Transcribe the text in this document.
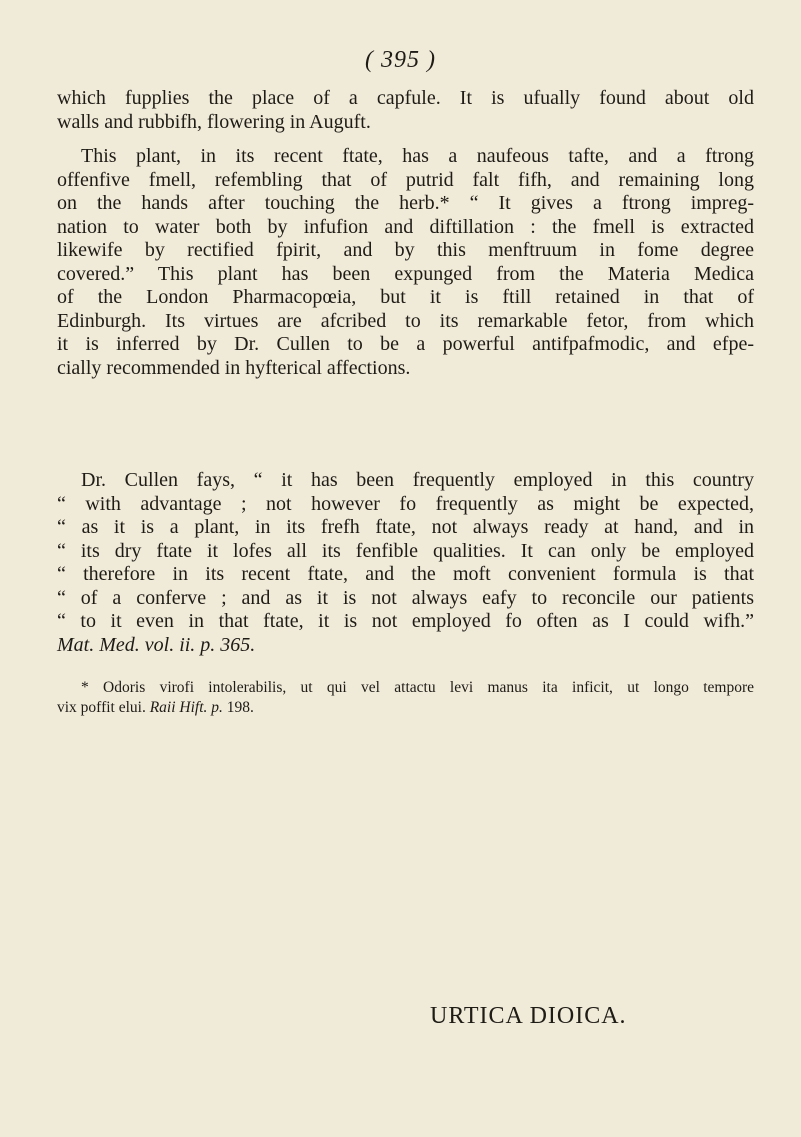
( 395 )
which fupplies the place of a capfule. It is ufually found about old
walls and rubbifh, flowering in Auguft.
This plant, in its recent ftate, has a naufeous tafte, and a ftrong
offenfive fmell, refembling that of putrid falt fifh, and remaining long
on the hands after touching the herb.* “ It gives a ftrong impreg-
nation to water both by infufion and diftillation : the fmell is extracted
likewife by rectified fpirit, and by this menftruum in fome degree
covered.” This plant has been expunged from the Materia Medica
of the London Pharmacopœia, but it is ftill retained in that of
Edinburgh. Its virtues are afcribed to its remarkable fetor, from which
it is inferred by Dr. Cullen to be a powerful antifpafmodic, and efpe-
cially recommended in hyfterical affections.
Dr. Cullen fays, “ it has been frequently employed in this country
“ with advantage ; not however fo frequently as might be expected,
“ as it is a plant, in its frefh ftate, not always ready at hand, and in
“ its dry ftate it lofes all its fenfible qualities. It can only be employed
“ therefore in its recent ftate, and the moft convenient formula is that
“ of a conferve ; and as it is not always eafy to reconcile our patients
“ to it even in that ftate, it is not employed fo often as I could wifh.”
Mat. Med. vol. ii. p. 365.
* Odoris virofi intolerabilis, ut qui vel attactu levi manus ita inficit, ut longo tempore
vix poffit elui. Raii Hift. p. 198.
URTICA DIOICA.
